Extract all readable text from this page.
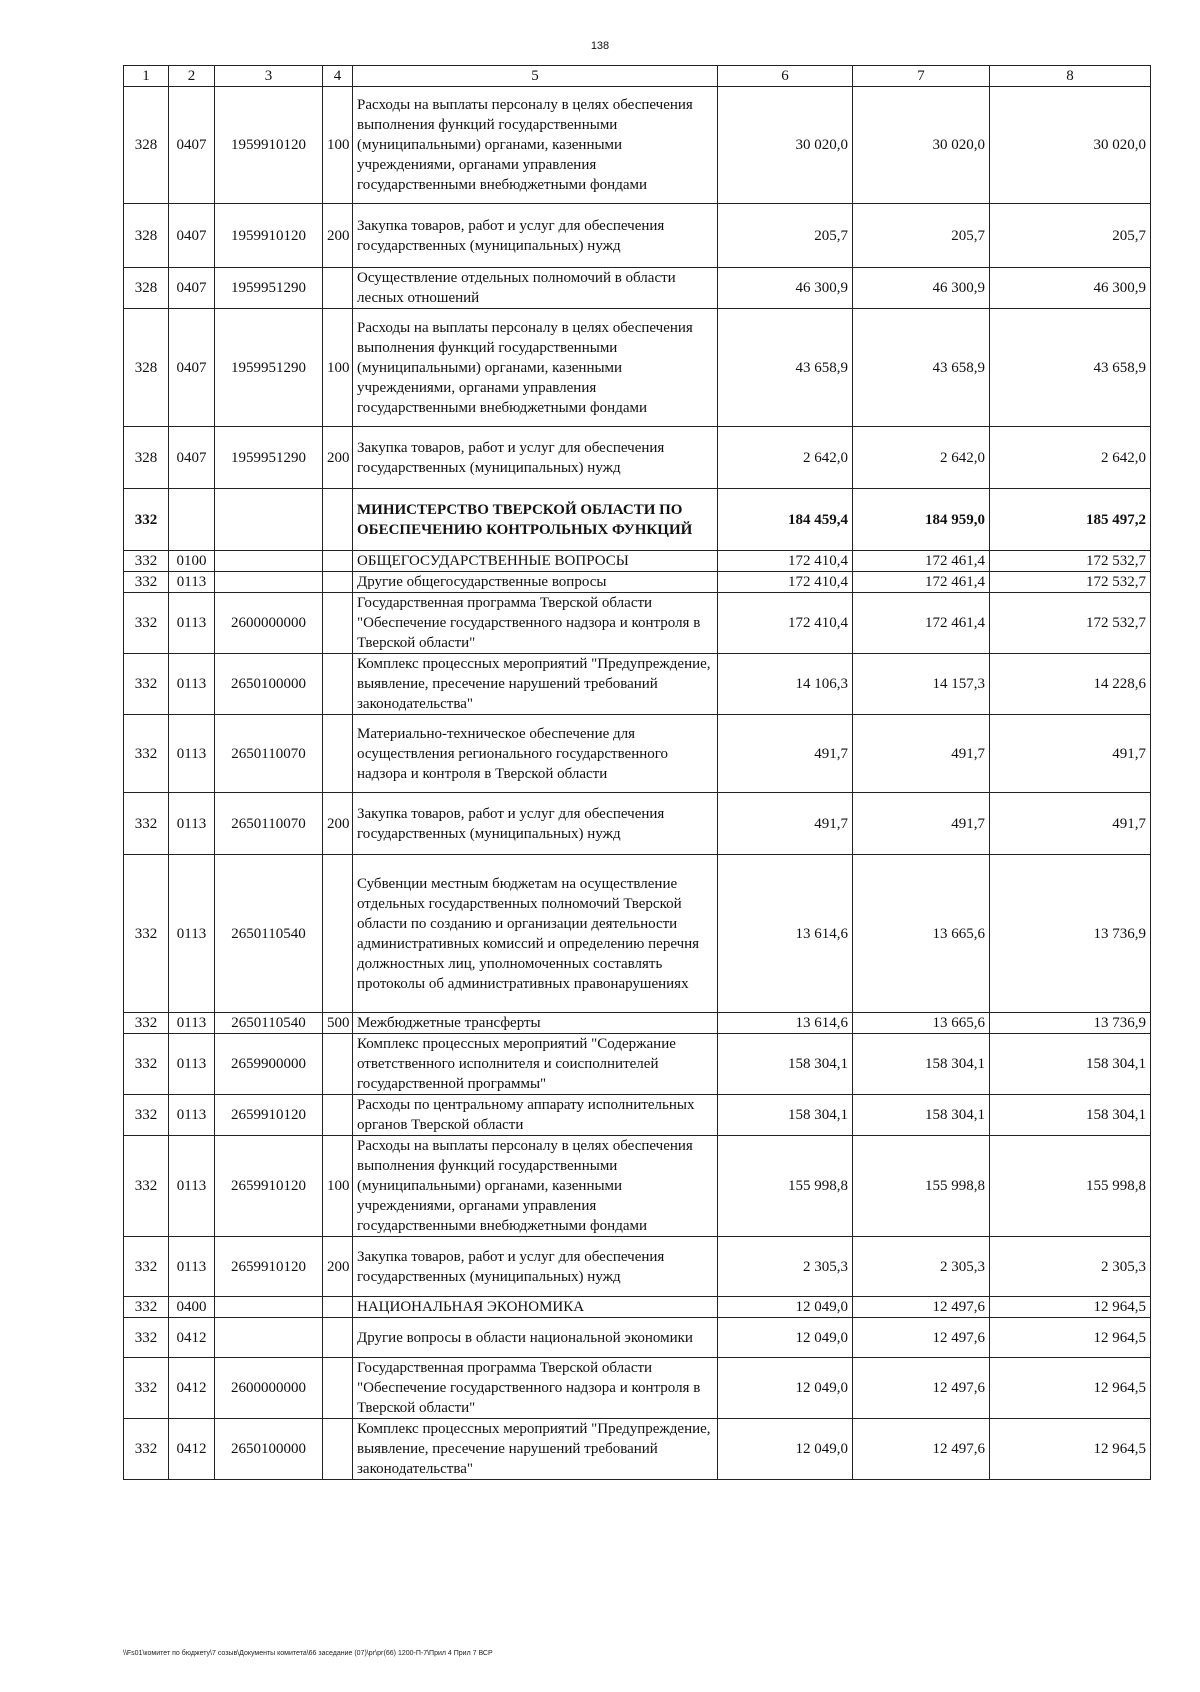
138
1	2	3	4	5	6	7	8
328	0407	1959910120	100	Расходы на выплаты персоналу в целях обеспечения выполнения функций государственными (муниципальными) органами, казенными учреждениями, органами управления государственными внебюджетными фондами	30 020,0	30 020,0	30 020,0
328	0407	1959910120	200	Закупка товаров, работ и услуг для обеспечения государственных (муниципальных) нужд	205,7	205,7	205,7
328	0407	1959951290		Осуществление отдельных полномочий в области лесных отношений	46 300,9	46 300,9	46 300,9
328	0407	1959951290	100	Расходы на выплаты персоналу в целях обеспечения выполнения функций государственными (муниципальными) органами, казенными учреждениями, органами управления государственными внебюджетными фондами	43 658,9	43 658,9	43 658,9
328	0407	1959951290	200	Закупка товаров, работ и услуг для обеспечения государственных (муниципальных) нужд	2 642,0	2 642,0	2 642,0
332				МИНИСТЕРСТВО ТВЕРСКОЙ ОБЛАСТИ ПО ОБЕСПЕЧЕНИЮ КОНТРОЛЬНЫХ ФУНКЦИЙ	184 459,4	184 959,0	185 497,2
332	0100			ОБЩЕГОСУДАРСТВЕННЫЕ ВОПРОСЫ	172 410,4	172 461,4	172 532,7
332	0113			Другие общегосударственные вопросы	172 410,4	172 461,4	172 532,7
332	0113	2600000000		Государственная программа Тверской области "Обеспечение государственного надзора и контроля в Тверской области"	172 410,4	172 461,4	172 532,7
332	0113	2650100000		Комплекс процессных мероприятий "Предупреждение, выявление, пресечение нарушений требований законодательства"	14 106,3	14 157,3	14 228,6
332	0113	2650110070		Материально-техническое обеспечение для осуществления регионального государственного надзора и контроля в Тверской области	491,7	491,7	491,7
332	0113	2650110070	200	Закупка товаров, работ и услуг для обеспечения государственных (муниципальных) нужд	491,7	491,7	491,7
332	0113	2650110540		Субвенции местным бюджетам на осуществление отдельных государственных полномочий Тверской области по созданию и организации деятельности административных комиссий и определению перечня должностных лиц, уполномоченных составлять протоколы об административных правонарушениях	13 614,6	13 665,6	13 736,9
332	0113	2650110540	500	Межбюджетные трансферты	13 614,6	13 665,6	13 736,9
332	0113	2659900000		Комплекс процессных мероприятий "Содержание ответственного исполнителя и соисполнителей государственной программы"	158 304,1	158 304,1	158 304,1
332	0113	2659910120		Расходы по центральному аппарату исполнительных органов Тверской области	158 304,1	158 304,1	158 304,1
332	0113	2659910120	100	Расходы на выплаты персоналу в целях обеспечения выполнения функций государственными (муниципальными) органами, казенными учреждениями, органами управления государственными внебюджетными фондами	155 998,8	155 998,8	155 998,8
332	0113	2659910120	200	Закупка товаров, работ и услуг для обеспечения государственных (муниципальных) нужд	2 305,3	2 305,3	2 305,3
332	0400			НАЦИОНАЛЬНАЯ ЭКОНОМИКА	12 049,0	12 497,6	12 964,5
332	0412			Другие вопросы в области национальной экономики	12 049,0	12 497,6	12 964,5
332	0412	2600000000		Государственная программа Тверской области "Обеспечение государственного надзора и контроля в Тверской области"	12 049,0	12 497,6	12 964,5
332	0412	2650100000		Комплекс процессных мероприятий "Предупреждение, выявление, пресечение нарушений требований законодательства"	12 049,0	12 497,6	12 964,5
\\Fs01\комитет по бюджету\7 созыв\Документы комитета\66 заседание (07)\рг\рг(66) 1200-П-7\Прил 4 Прил 7 ВСР
